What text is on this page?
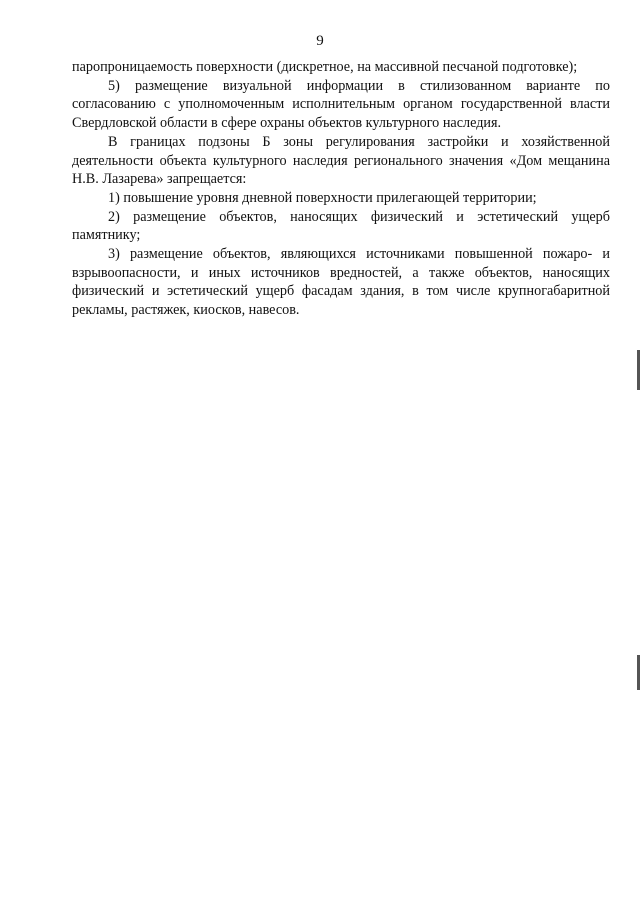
9

паропроницаемость поверхности (дискретное, на массивной песчаной подготовке);

5) размещение визуальной информации в стилизованном варианте по согласованию с уполномоченным исполнительным органом государственной власти Свердловской области в сфере охраны объектов культурного наследия.

В границах подзоны Б зоны регулирования застройки и хозяйственной деятельности объекта культурного наследия регионального значения «Дом мещанина Н.В. Лазарева» запрещается:

1) повышение уровня дневной поверхности прилегающей территории;

2) размещение объектов, наносящих физический и эстетический ущерб памятнику;

3) размещение объектов, являющихся источниками повышенной пожаро- и взрывоопасности, и иных источников вредностей, а также объектов, наносящих физический и эстетический ущерб фасадам здания, в том числе крупногабаритной рекламы, растяжек, киосков, навесов.
